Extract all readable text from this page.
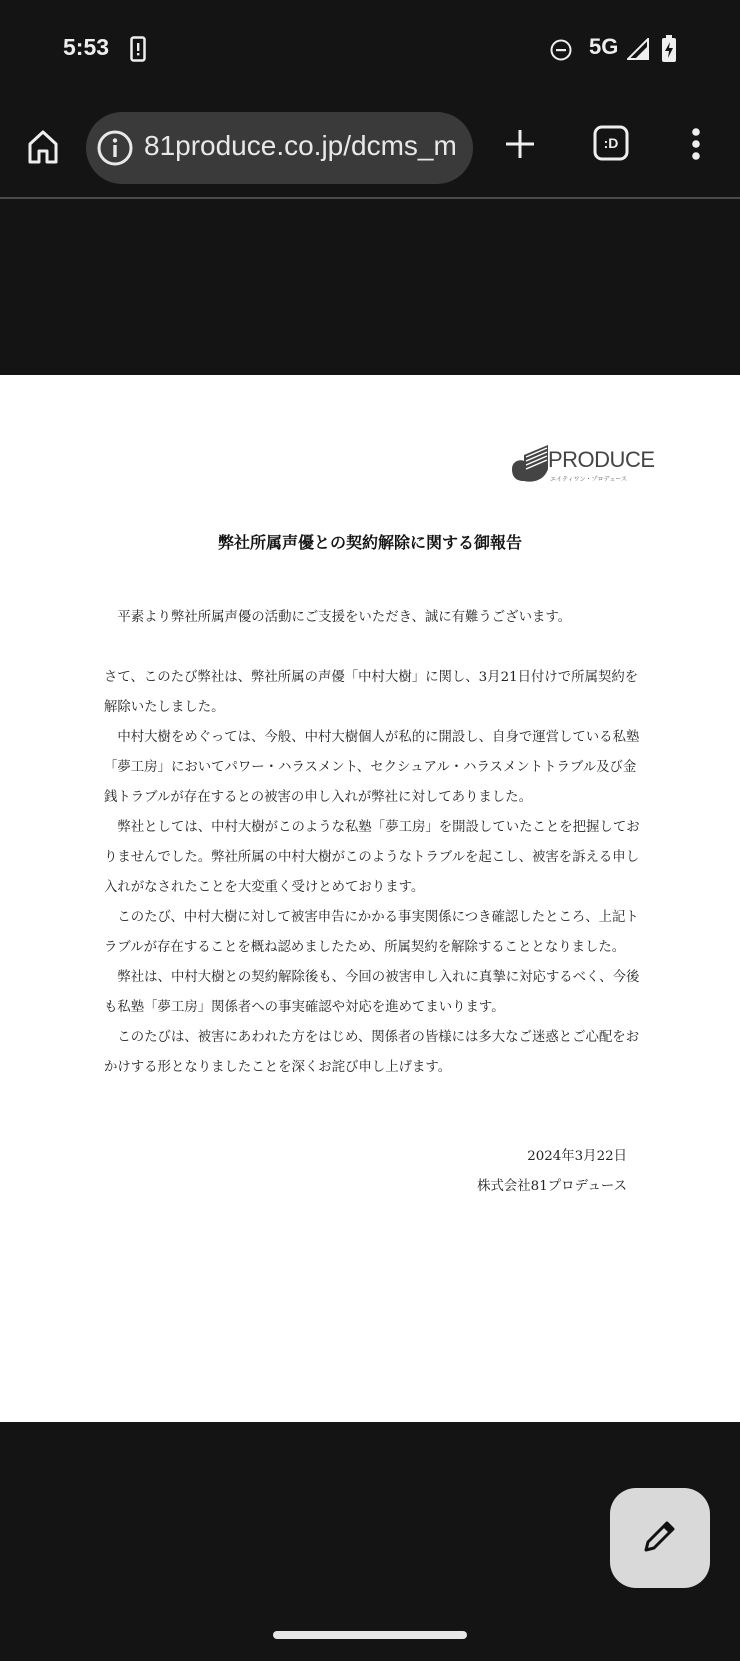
5:53	5G
81produce.co.jp/dcms_m	:D
PRODUCE
エイティワン・プロデュース
弊社所属声優との契約解除に関する御報告

平素より弊社所属声優の活動にご支援をいただき、誠に有難うございます。

さて、このたび弊社は、弊社所属の声優「中村大樹」に関し、3月21日付けで所属契約を解除いたしました。

中村大樹をめぐっては、今般、中村大樹個人が私的に開設し、自身で運営している私塾「夢工房」においてパワー・ハラスメント、セクシュアル・ハラスメントトラブル及び金銭トラブルが存在するとの被害の申し入れが弊社に対してありました。

弊社としては、中村大樹がこのような私塾「夢工房」を開設していたことを把握しておりませんでした。弊社所属の中村大樹がこのようなトラブルを起こし、被害を訴える申し入れがなされたことを大変重く受けとめております。

このたび、中村大樹に対して被害申告にかかる事実関係につき確認したところ、上記トラブルが存在することを概ね認めましたため、所属契約を解除することとなりました。

弊社は、中村大樹との契約解除後も、今回の被害申し入れに真摯に対応するべく、今後も私塾「夢工房」関係者への事実確認や対応を進めてまいります。

このたびは、被害にあわれた方をはじめ、関係者の皆様には多大なご迷惑とご心配をおかけする形となりましたことを深くお詫び申し上げます。

2024年3月22日
株式会社81プロデュース
